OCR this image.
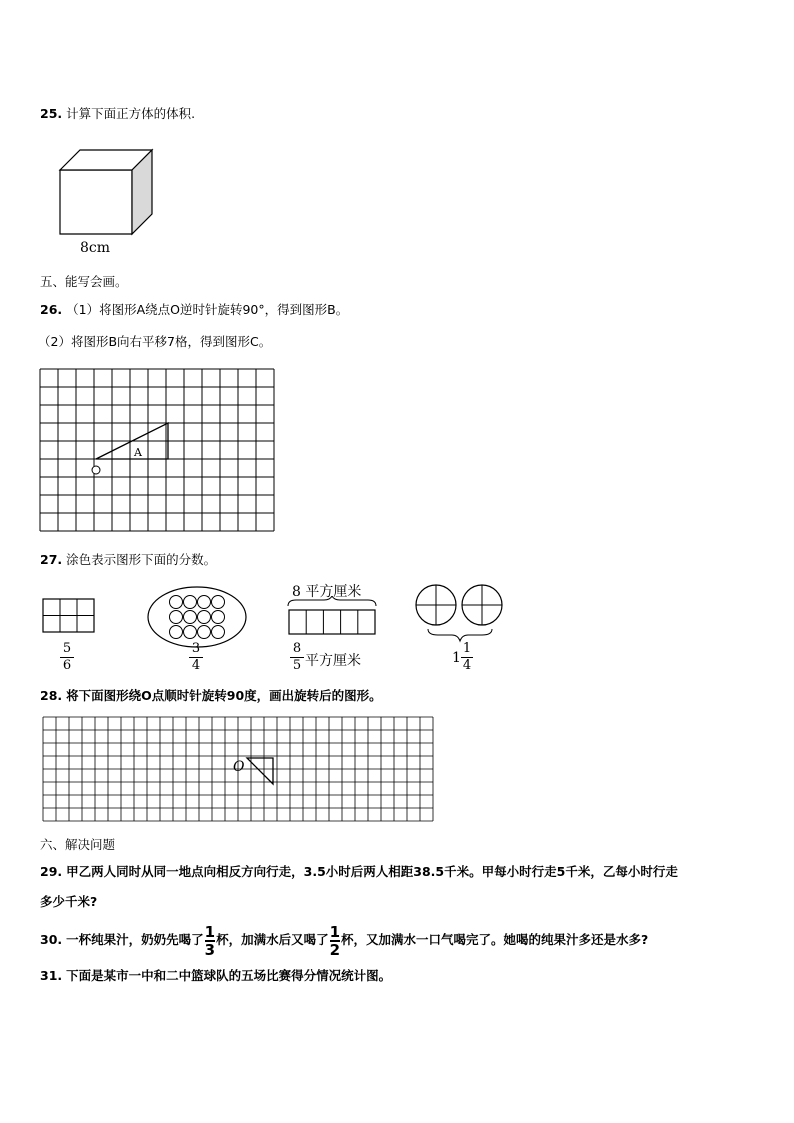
25. 计算下面正方体的体积.
8cm
五、能写会画。
26. （1）将图形A绕点O逆时针旋转90°，得到图形B。
（2）将图形B向右平移7格，得到图形C。
A
27. 涂色表示图形下面的分数。
5
6
3
4
8 平方厘米
8
5 平方厘米	1
1
4
28. 将下面图形绕O点顺时针旋转90度，画出旋转后的图形。
O
六、解决问题
29. 甲乙两人同时从同一地点向相反方向行走，3.5小时后两人相距38.5千米。甲每小时行走5千米，乙每小时行走
多少千米?
30. 一杯纯果汁，奶奶先喝了$\frac{1}{3}$杯，加满水后又喝了$\frac{1}{2}$杯，又加满水一口气喝完了。她喝的纯果汁多还是水多?
31. 下面是某市一中和二中篮球队的五场比赛得分情况统计图。
